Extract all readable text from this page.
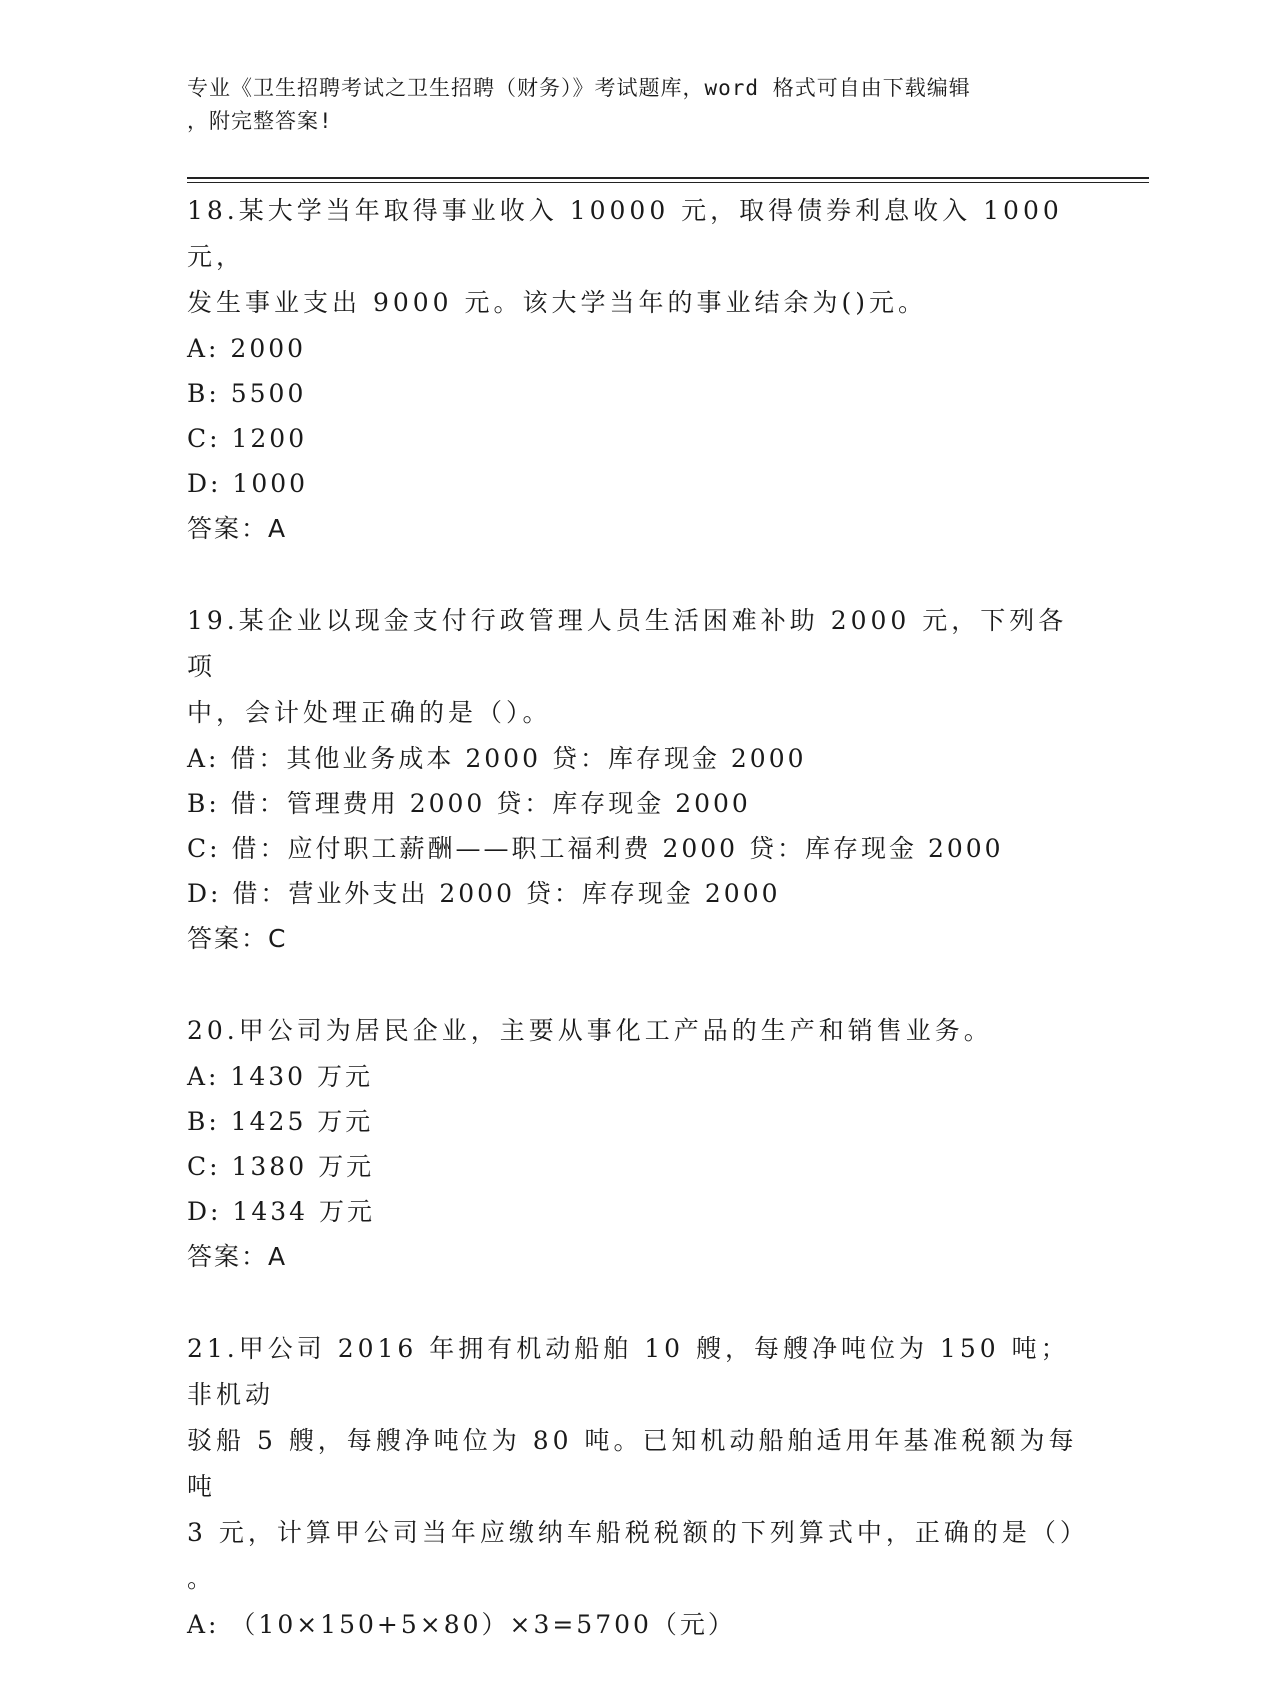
专业《卫生招聘考试之卫生招聘（财务）》考试题库，word 格式可自由下载编辑

，附完整答案!

18.某大学当年取得事业收入 10000 元，取得债券利息收入 1000 元，

发生事业支出 9000 元。该大学当年的事业结余为()元。

A: 2000

B: 5500

C: 1200

D: 1000

答案：A

19.某企业以现金支付行政管理人员生活困难补助 2000 元，下列各项

中，会计处理正确的是（）。

A: 借：其他业务成本 2000 贷：库存现金 2000

B: 借：管理费用 2000 贷：库存现金 2000

C: 借：应付职工薪酬——职工福利费 2000 贷：库存现金 2000

D: 借：营业外支出 2000 贷：库存现金 2000

答案：C

20.甲公司为居民企业，主要从事化工产品的生产和销售业务。

A: 1430 万元

B: 1425 万元

C: 1380 万元

D: 1434 万元

答案：A

21.甲公司 2016 年拥有机动船舶 10 艘，每艘净吨位为 150 吨；非机动

驳船 5 艘，每艘净吨位为 80 吨。已知机动船舶适用年基准税额为每吨

3 元，计算甲公司当年应缴纳车船税税额的下列算式中，正确的是（）

。

A: （10×150+5×80）×3=5700（元）
